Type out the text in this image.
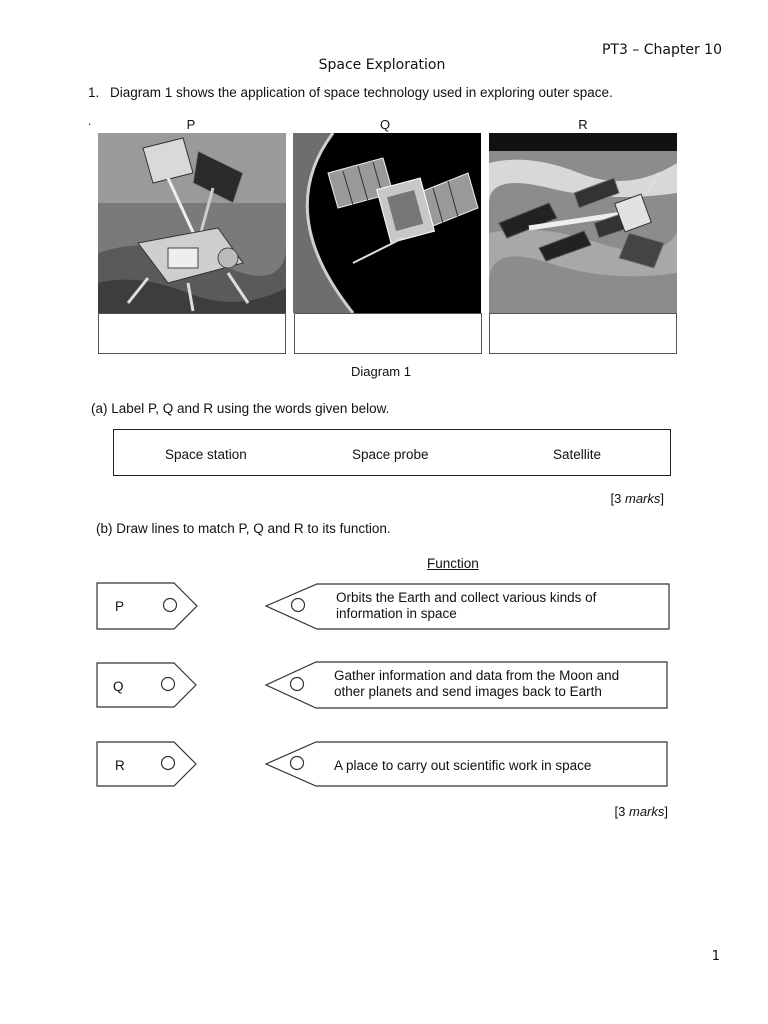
PT3 – Chapter 10
Space Exploration
1. Diagram 1 shows the application of space technology used in exploring outer space.
.	P	Q	R
Diagram 1
(a) Label P, Q and R using the words given below.
Space station	Space probe	Satellite
[3 marks]
(b) Draw lines to match P, Q and R to its function.
Function
P
Q
R
Orbits the Earth and collect various kinds of
information in space
Gather information and data from the Moon and
other planets and send images back to Earth
A place to carry out scientific work in space
[3 marks]
1
